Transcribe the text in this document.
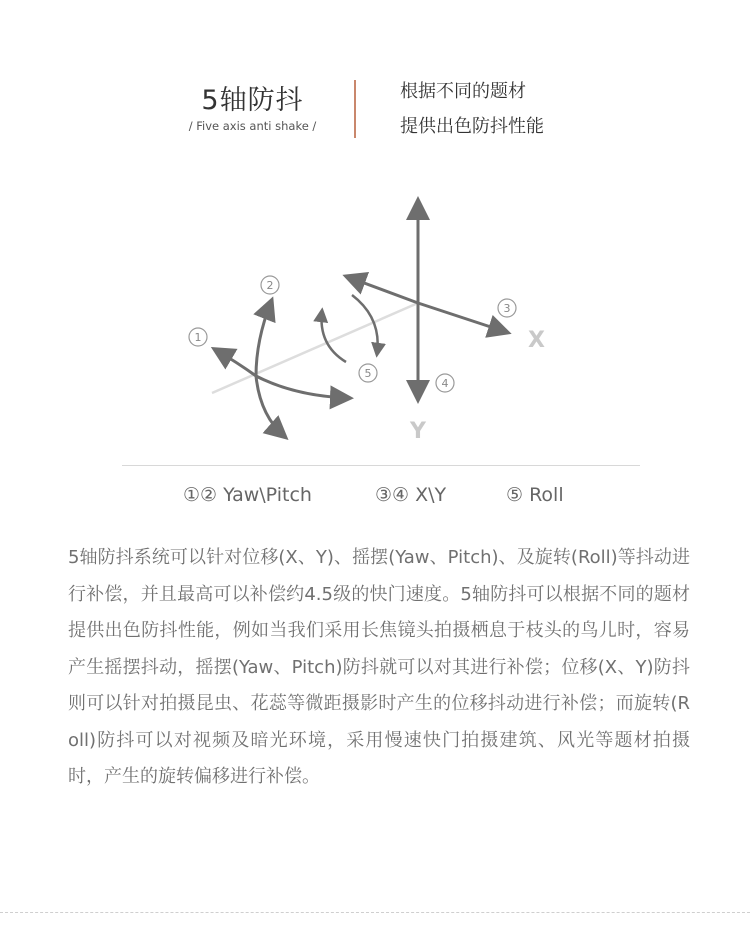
5轴防抖
/ Five axis anti shake /
根据不同的题材
提供出色防抖性能
1
2
3
4
5
X
Y
①② Yaw\Pitch	③④ X\Y	⑤ Roll
5轴防抖系统可以针对位移(X、Y)、摇摆(Yaw、Pitch)、及旋转(Roll)等抖动进行补偿，并且最高可以补偿约4.5级的快门速度。5轴防抖可以根据不同的题材提供出色防抖性能，例如当我们采用长焦镜头拍摄栖息于枝头的鸟儿时，容易产生摇摆抖动，摇摆(Yaw、Pitch)防抖就可以对其进行补偿；位移(X、Y)防抖则可以针对拍摄昆虫、花蕊等微距摄影时产生的位移抖动进行补偿；而旋转(Roll)防抖可以对视频及暗光环境，采用慢速快门拍摄建筑、风光等题材拍摄时，产生的旋转偏移进行补偿。
